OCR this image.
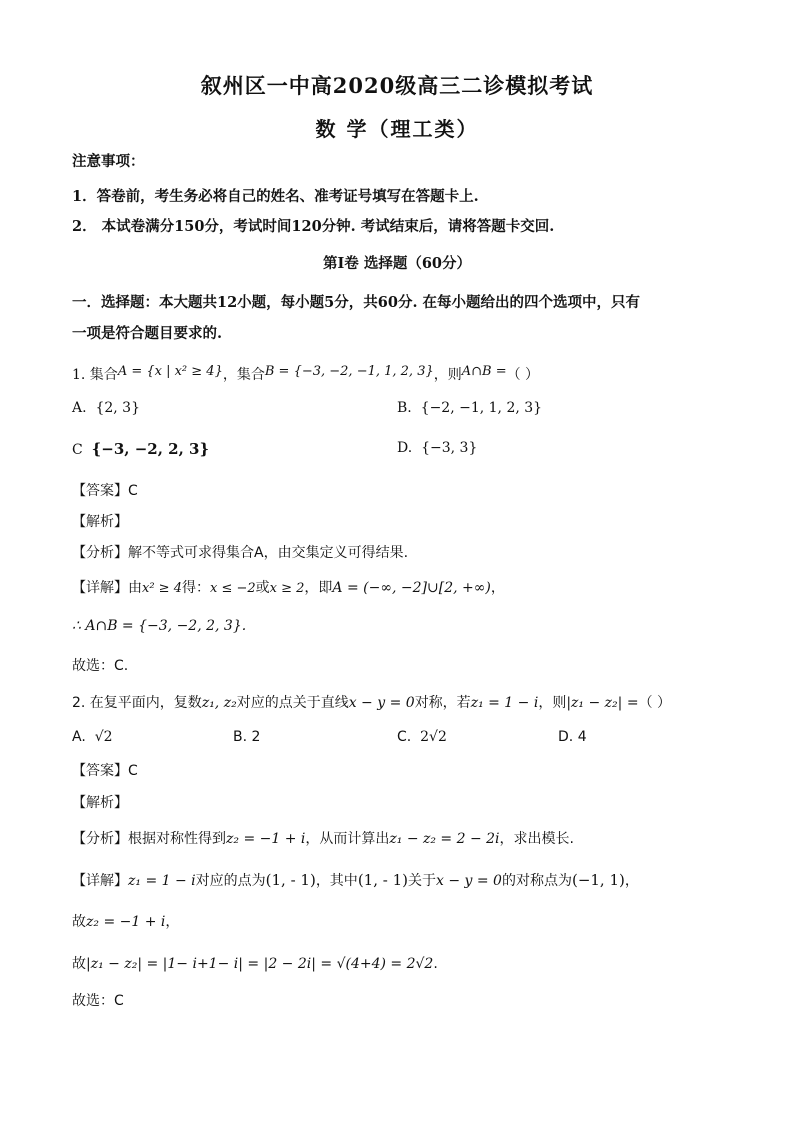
叙州区一中高2020级高三二诊模拟考试
数 学（理工类）
注意事项：
1．答卷前，考生务必将自己的姓名、准考证号填写在答题卡上.
2． 本试卷满分150分，考试时间120分钟. 考试结束后，请将答题卡交回.
第I卷 选择题（60分）
一．选择题：本大题共12小题，每小题5分，共60分. 在每小题给出的四个选项中，只有
一项是符合题目要求的.
1. 集合A = {x | x² ≥ 4}，集合B = {−3, −2, −1, 1, 2, 3}，则A∩B =（ ）
A. {2, 3}	B. {−2, −1, 1, 2, 3}
C {−3, −2, 2, 3}	D. {−3, 3}
【答案】C
【解析】
【分析】解不等式可求得集合A，由交集定义可得结果.
【详解】由x² ≥ 4得：x ≤ −2或x ≥ 2，即A = (−∞, −2]∪[2, +∞)，
∴ A∩B = {−3, −2, 2, 3}.
故选：C.
2. 在复平面内，复数z₁, z₂对应的点关于直线x − y = 0对称，若z₁ = 1 − i，则|z₁ − z₂| =（ ）
A. √2	B. 2	C. 2√2	D. 4
【答案】C
【解析】
【分析】根据对称性得到z₂ = −1 + i，从而计算出z₁ − z₂ = 2 − 2i，求出模长.
【详解】z₁ = 1 − i对应的点为(1, - 1)，其中(1, - 1)关于x − y = 0的对称点为(−1, 1)，
故z₂ = −1 + i，
故|z₁ − z₂| = |1− i+1− i| = |2 − 2i| = √(4+4) = 2√2.
故选：C
